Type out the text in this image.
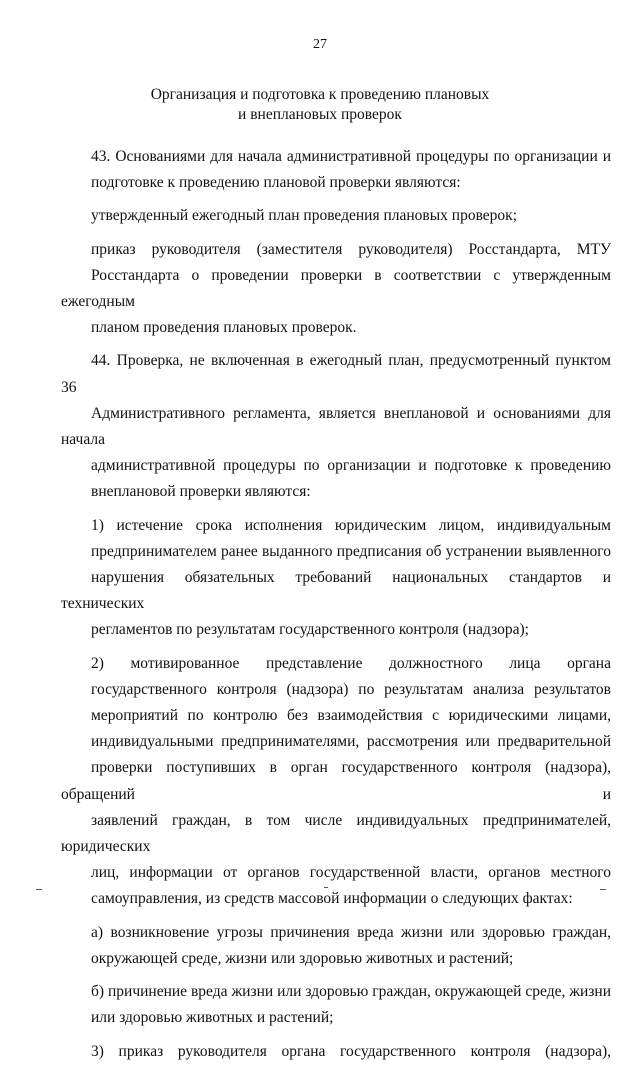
27
Организация и подготовка к проведению плановых
и внеплановых проверок
43. Основаниями для начала административной процедуры по организации и
подготовке к проведению плановой проверки являются:
утвержденный ежегодный план проведения плановых проверок;
приказ руководителя (заместителя руководителя) Росстандарта, МТУ
Росстандарта о проведении проверки в соответствии с утвержденным ежегодным
планом проведения плановых проверок.
44. Проверка, не включенная в ежегодный план, предусмотренный пунктом 36
Административного регламента, является внеплановой и основаниями для начала
административной процедуры по организации и подготовке к проведению
внеплановой проверки являются:
1) истечение срока исполнения юридическим лицом, индивидуальным
предпринимателем ранее выданного предписания об устранении выявленного
нарушения обязательных требований национальных стандартов и технических
регламентов по результатам государственного контроля (надзора);
2) мотивированное представление должностного лица органа
государственного контроля (надзора) по результатам анализа результатов
мероприятий по контролю без взаимодействия с юридическими лицами,
индивидуальными предпринимателями, рассмотрения или предварительной
проверки поступивших в орган государственного контроля (надзора), обращений и
заявлений граждан, в том числе индивидуальных предпринимателей, юридических
лиц, информации от органов государственной власти, органов местного
самоуправления, из средств массовой информации о следующих фактах:
а) возникновение угрозы причинения вреда жизни или здоровью граждан,
окружающей среде, жизни или здоровью животных и растений;
б) причинение вреда жизни или здоровью граждан, окружающей среде, жизни
или здоровью животных и растений;
3) приказ руководителя органа государственного контроля (надзора),
